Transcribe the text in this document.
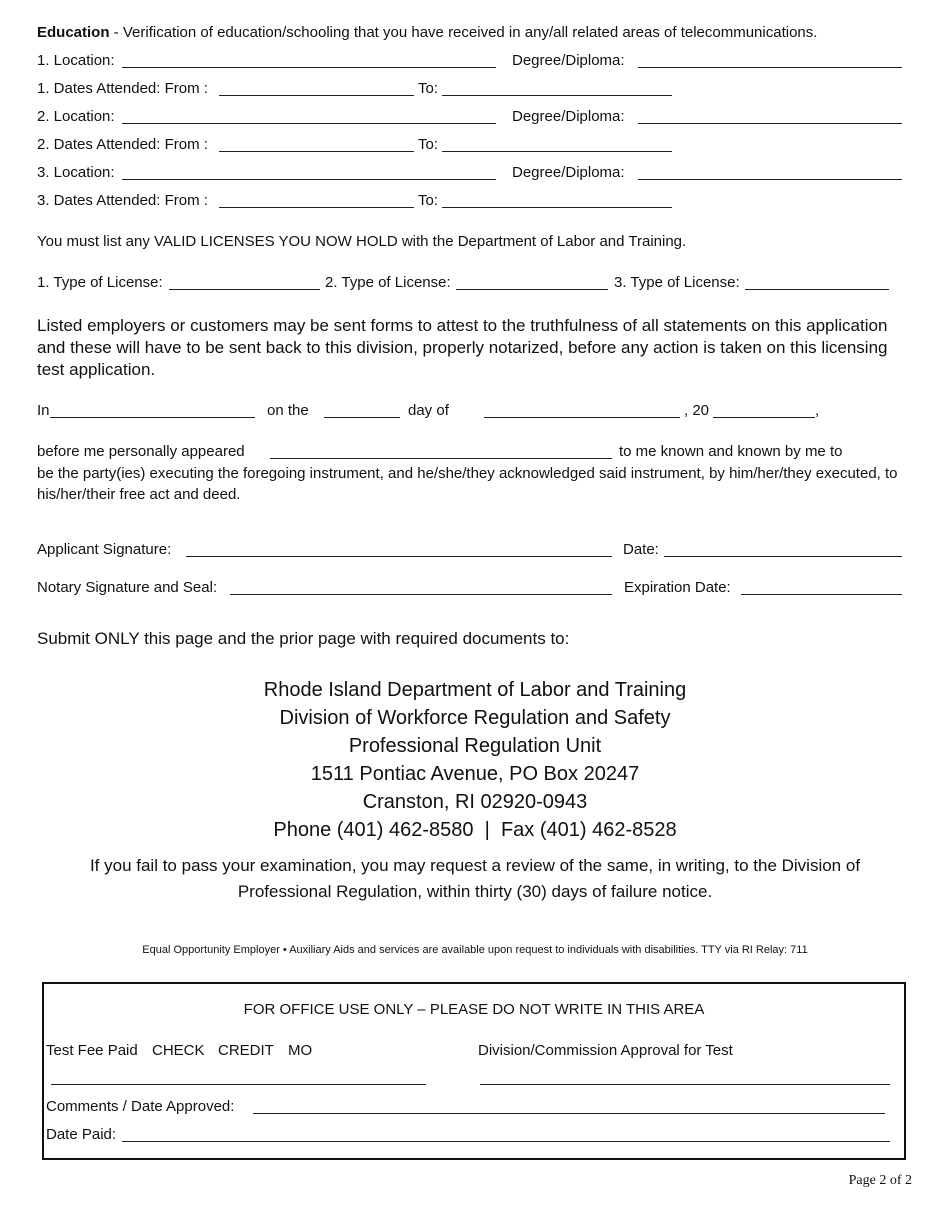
Education - Verification of education/schooling that you have received in any/all related areas of telecommunications.
1. Location:	Degree/Diploma:
1. Dates Attended: From :	To:
2. Location:	Degree/Diploma:
2. Dates Attended: From :	To:
3. Location:	Degree/Diploma:
3. Dates Attended: From :	To:
You must list any VALID LICENSES YOU NOW HOLD with the Department of Labor and Training.
1. Type of License:	2. Type of License:	3. Type of License:
Listed employers or customers may be sent forms to attest to the truthfulness of all statements on this application and these will have to be sent back to this division, properly notarized, before any action is taken on this licensing test application.
In	on the	day of	, 20	,
before me personally appeared	to me known and known by me to
be the party(ies) executing the foregoing instrument, and he/she/they acknowledged said instrument, by him/her/they executed, to his/her/their free act and deed.
Applicant Signature:	Date:
Notary Signature and Seal:	Expiration Date:
Submit ONLY this page and the prior page with required documents to:
Rhode Island Department of Labor and Training
Division of Workforce Regulation and Safety
Professional Regulation Unit
1511 Pontiac Avenue, PO Box 20247
Cranston, RI 02920-0943
Phone (401) 462-8580  |  Fax (401) 462-8528
If you fail to pass your examination, you may request a review of the same, in writing, to the Division of
Professional Regulation, within thirty (30) days of failure notice.
Equal Opportunity Employer • Auxiliary Aids and services are available upon request to individuals with disabilities. TTY via RI Relay: 711
FOR OFFICE USE ONLY – PLEASE DO NOT WRITE IN THIS AREA
Test Fee Paid CHECK CREDIT MO	Division/Commission Approval for Test
Comments / Date Approved:
Date Paid:
Page 2 of 2
